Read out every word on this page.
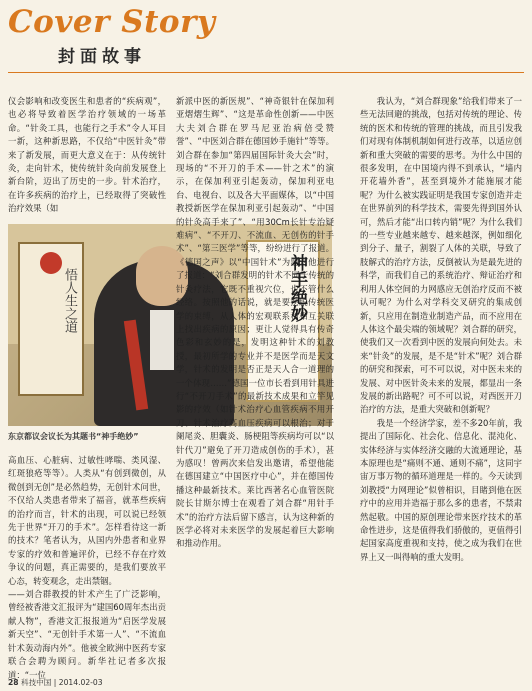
Cover Story
封面故事

仪会影响和改变医生和患者的“疾病观”，也必将导致着医学治疗领域的一场革命。“针灸工具，也能行之手术”令人耳目一新，这种新思路，不仅给“中医针灸”带来了新发展，而更大意义在于：从传统针灸，走向针术，使传统针灸向前发展登上新台阶，迈出了历史的一步。针术治疗，在许多疾病的治疗上，已经取得了突破性治疗效果（如

悟人生之道	神手绝妙
东京都议会议长为其题书“神手绝妙”

高血压、心脏病、过敏性哮喘、类风湿、红斑狼疮等等）。人类从“有创到微创，从微创到无创”是必然趋势，无创针术问世，不仅给人类患者带来了福音，就革些疾病的治疗而言，针术的出现，可以说已经领先于世界“开刀的手术”。怎样看待这一新的技术？笔者认为，从国内外患者和业界专家的疗效和普遍评价，已经不存在疗效争议的问题，真正需要的，是我们要放平心态，转变观念，走出禁锢。
——刘合群教授的针术产生了广泛影响，曾经被香港文汇报评为“建国60周年杰出贡献人物”，香港文汇报报道为“启医学发展新天空”、“无创针手术第一人”、“不流血针术轰动海内外”。他被全欧洲中医药专家联合会聘为顾问。新华社记者多次报道：“一位

新派中医的新医规”、“神奇银针在保加利亚熠熠生辉”、“这是革命性创新——中医大夫刘合群在罗马尼亚治病倍受赞誉”、“中医刘合群在德国妙手施针”等等。刘合群在参加“第四届国际针灸大会”时，现场的“不开刀的手术——针之术”的演示，在保加利亚引起轰动，保加利亚电台、电视台、以及各大平面媒体，以“中国教授新医学在保加利亚引起轰动”、“中国的针灸高手来了”、“用30Cm长针专治疑难病”、“不开刀、不流血、无创伤的针手术”、“第三医学”等等，纷纷进行了报道。《德国之声》以“中国针术”为题对他进行了报道：“刘合群发明的针术不同于传统的针灸疗法，它既不重视穴位，也不管什么经络。按照他的话说，就是要摆脱传统医学的束缚，从人体的宏观联系和相互关联上找出疾病的原因；更让人觉得具有传奇色彩和玄妙的是，发明这种针术的刘教授，最初所学的专业并不是医学而是天文学，针术的发明是否正是天人合一道理的一个体现……”德国一位市长看到用针具进行“不开刀手术”的最新技术成果和立竿见影的疗效（如针术治疗心血管疾病不用开刀、针术治疗高血压疾病可以根治；对于阑尾炎、胆囊炎、肠梗阻等疾病均可以“以针代刀”避免了开刀造成创伤的手术），甚为感叹！曾两次来信发出邀请，希望他能在德国建立“中国医疗中心”，并在德国传播这种最新技术。莱比西著名心血管医院院长甘斯尔博士在观看了刘合群“用针手术”的治疗方法后留下感言，认为这种新的医学必将对未来医学的发展起着巨大影响和推动作用。

我认为，“刘合群现象”给我们带来了一些无法回避的挑战，包括对传统的理论、传统的医术和传统的管理的挑战，而且引发我们对现有体制机制如何进行改革，以适应创新和重大突破的需要的思考。为什么中国的很多发明，在中国境内得不到承认，“墙内开花墙外香”，甚至到境外才能施展才能呢？为什么被实践证明是我国专家创造并走在世界前列的科学技术，需要先得到国外认可，然后才能“出口转内销”呢？为什么我们的一些专业越来越专、越来越深，例如细化到分子、量子，割裂了人体的关联，导致了肢解式的治疗方法，反倒被认为是最先进的科学，而我们自己的系统治疗、辩证治疗和利用人体空间的力网感应无创治疗反而不被认可呢？为什么对学科交叉研究的集成创新，只应用在制造业制造产品，而不应用在人体这个最尖端的领域呢？刘合群的研究，使我们又一次看到中医的发展向何处去。未来“针灸”的发展，是不是“针术”呢？刘合群的研究和探索，可不可以说，对中医未来的发展、对中医针灸未来的发展，都显出一条发展的新出路呢？可不可以说，对西医开刀治疗的方法，是重大突破和创新呢？

我是一个经济学家，差不多20年前，我提出了国际化、社会化、信息化、混沌化、实体经济与实体经济交融的大流通理论，基本原理也是“痛则不通、通则不痛”，这同宇宙万事万物的循环道理是一样的。今天读到刘教授“力网理论”似曾相识，目睹到他在医疗中的应用并造福于那么多的患者，不禁肃然起敬。中国的原创理论带来医疗技术的革命性进步，这是值得我们骄傲的，更值得引起国家高度重视和支持，使之成为我们在世界上又一叫得响的重大发明。

28 科技中国 | 2014.02-03
